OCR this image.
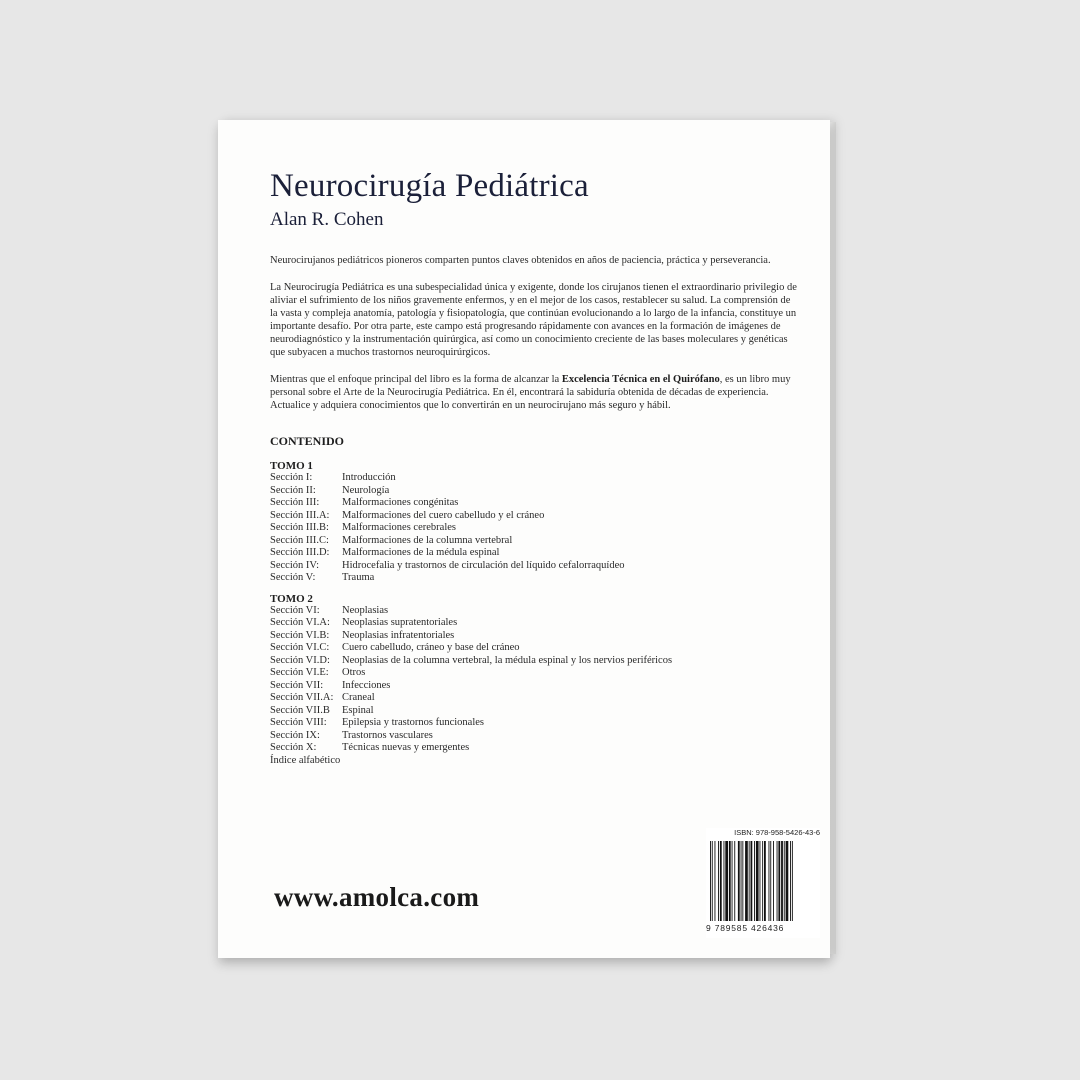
Neurocirugía Pediátrica
Alan R. Cohen

Neurocirujanos pediátricos pioneros comparten puntos claves obtenidos en años de paciencia, práctica y perseverancia.

La Neurocirugía Pediátrica es una subespecialidad única y exigente, donde los cirujanos tienen el extraordinario privilegio de aliviar el sufrimiento de los niños gravemente enfermos, y en el mejor de los casos, restablecer su salud. La comprensión de la vasta y compleja anatomía, patología y fisiopatología, que continúan evolucionando a lo largo de la infancia, constituye un importante desafío. Por otra parte, este campo está progresando rápidamente con avances en la formación de imágenes de neurodiagnóstico y la instrumentación quirúrgica, así como un conocimiento creciente de las bases moleculares y genéticas que subyacen a muchos trastornos neuroquirúrgicos.

Mientras que el enfoque principal del libro es la forma de alcanzar la Excelencia Técnica en el Quirófano, es un libro muy personal sobre el Arte de la Neurocirugía Pediátrica. En él, encontrará la sabiduría obtenida de décadas de experiencia. Actualice y adquiera conocimientos que lo convertirán en un neurocirujano más seguro y hábil.

CONTENIDO
TOMO 1
Sección I:	Introducción
Sección II:	Neurología
Sección III:	Malformaciones congénitas
Sección III.A:	Malformaciones del cuero cabelludo y el cráneo
Sección III.B:	Malformaciones cerebrales
Sección III.C:	Malformaciones de la columna vertebral
Sección III.D:	Malformaciones de la médula espinal
Sección IV:	Hidrocefalia y trastornos de circulación del líquido cefalorraquídeo
Sección V:	Trauma
TOMO 2
Sección VI:	Neoplasias
Sección VI.A:	Neoplasias supratentoriales
Sección VI.B:	Neoplasias infratentoriales
Sección VI.C:	Cuero cabelludo, cráneo y base del cráneo
Sección VI.D:	Neoplasias de la columna vertebral, la médula espinal y los nervios periféricos
Sección VI.E:	Otros
Sección VII:	Infecciones
Sección VII.A: Craneal
Sección VII.B	Espinal
Sección VIII:	Epilepsia y trastornos funcionales
Sección IX:	Trastornos vasculares
Sección X:	Técnicas nuevas y emergentes
Índice alfabético
www.amolca.com
ISBN: 978-958-5426-43-6
9 789585 426436
